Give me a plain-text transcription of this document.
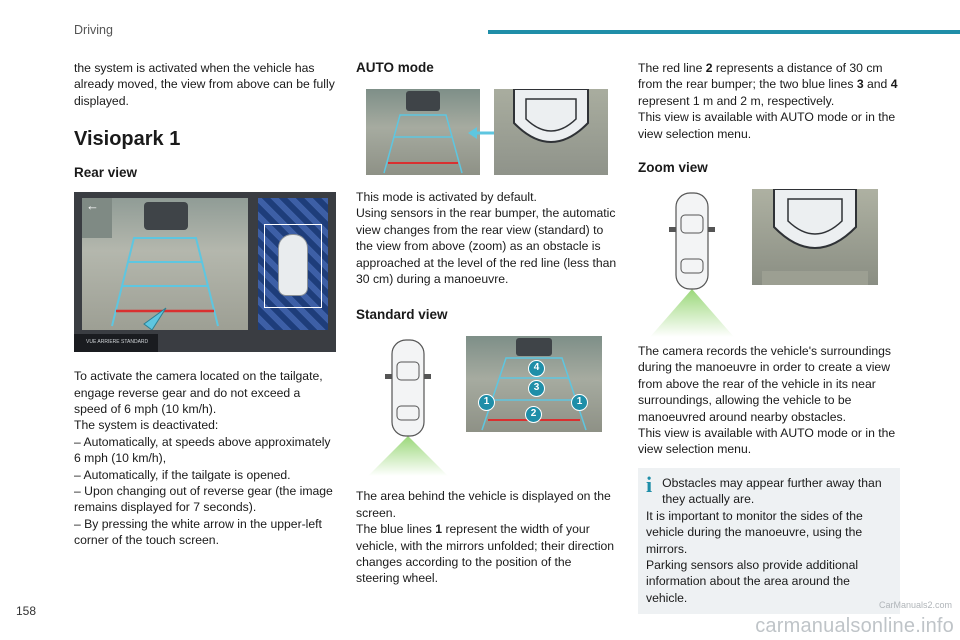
Driving

the system is activated when the vehicle has already moved, the view from above can be fully displayed.

Visiopark 1
Rear view
←
VUE ARRIERE STANDARD

To activate the camera located on the tailgate, engage reverse gear and do not exceed a speed of 6 mph (10 km/h).

The system is deactivated:

– Automatically, at speeds above approximately 6 mph (10 km/h),

– Automatically, if the tailgate is opened.

– Upon changing out of reverse gear (the image remains displayed for 7 seconds).

– By pressing the white arrow in the upper-left corner of the touch screen.

AUTO mode

This mode is activated by default.

Using sensors in the rear bumper, the automatic view changes from the rear view (standard) to the view from above (zoom) as an obstacle is approached at the level of the red line (less than 30 cm) during a manoeuvre.

Standard view
4
3
1	1
2

The area behind the vehicle is displayed on the screen.

The blue lines 1 represent the width of your vehicle, with the mirrors unfolded; their direction changes according to the position of the steering wheel.

The red line 2 represents a distance of 30 cm from the rear bumper; the two blue lines 3 and 4 represent 1 m and 2 m, respectively.

This view is available with AUTO mode or in the view selection menu.

Zoom view

The camera records the vehicle's surroundings during the manoeuvre in order to create a view from above the rear of the vehicle in its near surroundings, allowing the vehicle to be manoeuvred around nearby obstacles.

This view is available with AUTO mode or in the view selection menu.

i Obstacles may appear further away than they actually are.

It is important to monitor the sides of the vehicle during the manoeuvre, using the mirrors.

Parking sensors also provide additional information about the area around the vehicle.

158	CarManuals2.com
carmanualsonline.info
